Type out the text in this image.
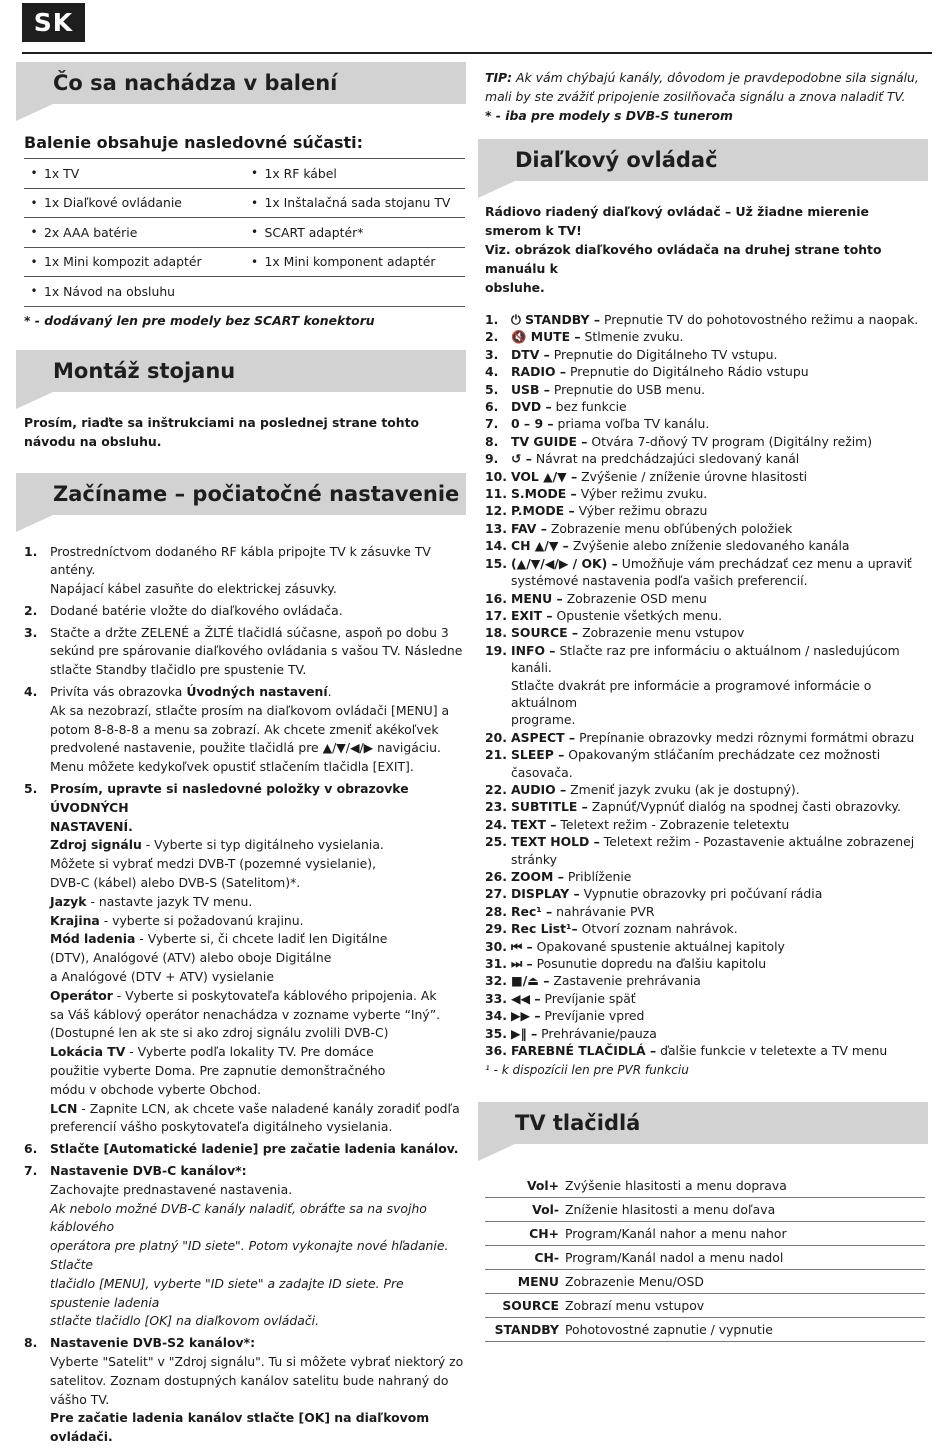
SK
Čo sa nachádza v balení
Balenie obsahuje nasledovné súčasti:
• 1x TV	• 1x RF kábel
• 1x Diaľkové ovládanie	• 1x Inštalačná sada stojanu TV
• 2x AAA batérie	• SCART adaptér*
• 1x Mini kompozit adaptér	• 1x Mini komponent adaptér
• 1x Návod na obsluhu
* - dodávaný len pre modely bez SCART konektoru
Montáž stojanu
Prosím, riaďte sa inštrukciami na poslednej strane tohto návodu na obsluhu.
Začíname – počiatočné nastavenie
1.	Prostredníctvom dodaného RF kábla pripojte TV k zásuvke TV antény.
Napájací kábel zasuňte do elektrickej zásuvky.
2.	Dodané batérie vložte do diaľkového ovládača.
3.	Stačte a držte ZELENÉ a ŽLTÉ tlačidlá súčasne, aspoň po dobu 3
sekúnd pre spárovanie diaľkového ovládania s vašou TV. Následne
stlačte Standby tlačidlo pre spustenie TV.
4.	Privíta vás obrazovka Úvodných nastavení.
Ak sa nezobrazí, stlačte prosím na diaľkovom ovládači [MENU] a
potom 8-8-8-8 a menu sa zobrazí. Ak chcete zmeniť akékoľvek
predvolené nastavenie, použite tlačidlá pre ▲/▼/◀/▶ navigáciu.
Menu môžete kedykoľvek opustiť stlačením tlačidla [EXIT].
5.	Prosím, upravte si nasledovné položky v obrazovke ÚVODNÝCH
NASTAVENÍ.
Zdroj signálu - Vyberte si typ digitálneho vysielania.
Môžete si vybrať medzi DVB-T (pozemné vysielanie),
DVB-C (kábel) alebo DVB-S (Satelitom)*.
Jazyk - nastavte jazyk TV menu.
Krajina - vyberte si požadovanú krajinu.
Mód ladenia - Vyberte si, či chcete ladiť len Digitálne
(DTV), Analógové (ATV) alebo oboje Digitálne
a Analógové (DTV + ATV) vysielanie
Operátor - Vyberte si poskytovateľa káblového pripojenia. Ak
sa Váš káblový operátor nenachádza v zozname vyberte “Iný”.
(Dostupné len ak ste si ako zdroj signálu zvolili DVB-C)
Lokácia TV - Vyberte podľa lokality TV. Pre domáce
použitie vyberte Doma. Pre zapnutie demonštračného
módu v obchode vyberte Obchod.
LCN - Zapnite LCN, ak chcete vaše naladené kanály zoradiť podľa
preferencií vášho poskytovateľa digitálneho vysielania.
6.	Stlačte [Automatické ladenie] pre začatie ladenia kanálov.
7.	Nastavenie DVB-C kanálov*:
Zachovajte prednastavené nastavenia.
Ak nebolo možné DVB-C kanály naladiť, obráťte sa na svojho káblového
operátora pre platný "ID siete". Potom vykonajte nové hľadanie. Stlačte
tlačidlo [MENU], vyberte "ID siete" a zadajte ID siete. Pre spustenie ladenia
stlačte tlačidlo [OK] na diaľkovom ovládači.
8.	Nastavenie DVB-S2 kanálov*:
Vyberte "Satelit" v "Zdroj signálu". Tu si môžete vybrať niektorý zo
satelitov. Zoznam dostupných kanálov satelitu bude nahraný do
vášho TV.
Pre začatie ladenia kanálov stlačte [OK] na diaľkovom ovládači.
TIP: Ak vám chýbajú kanály, dôvodom je pravdepodobne sila signálu,
mali by ste zvážiť pripojenie zosilňovača signálu a znova naladiť TV.
* - iba pre modely s DVB-S tunerom
Diaľkový ovládač
Rádiovo riadený diaľkový ovládač – Už žiadne mierenie smerom k TV!
Viz. obrázok diaľkového ovládača na druhej strane tohto manuálu k
obsluhe.
1.	⏻ STANDBY – Prepnutie TV do pohotovostného režimu a naopak.
2.	🔇 MUTE – Stlmenie zvuku.
3.	DTV – Prepnutie do Digitálneho TV vstupu.
4.	RADIO – Prepnutie do Digitálneho Rádio vstupu
5.	USB – Prepnutie do USB menu.
6.	DVD – bez funkcie
7.	0 – 9 – priama voľba TV kanálu.
8.	TV GUIDE – Otvára 7-dňový TV program (Digitálny režim)
9.	↺ – Návrat na predchádzajúci sledovaný kanál
10. VOL ▲/▼ – Zvýšenie / zníženie úrovne hlasitosti
11. S.MODE – Výber režimu zvuku.
12. P.MODE – Výber režimu obrazu
13. FAV – Zobrazenie menu obľúbených položiek
14. CH ▲/▼ – Zvýšenie alebo zníženie sledovaného kanála
15. (▲/▼/◀/▶ / OK) – Umožňuje vám prechádzať cez menu a upraviť
systémové nastavenia podľa vašich preferencií.
16. MENU – Zobrazenie OSD menu
17. EXIT – Opustenie všetkých menu.
18. SOURCE – Zobrazenie menu vstupov
19. INFO – Stlačte raz pre informáciu o aktuálnom / nasledujúcom kanáli.
Stlačte dvakrát pre informácie a programové informácie o aktuálnom
programe.
20. ASPECT – Prepínanie obrazovky medzi rôznymi formátmi obrazu
21. SLEEP – Opakovaným stláčaním prechádzate cez možnosti časovača.
22. AUDIO – Zmeniť jazyk zvuku (ak je dostupný).
23. SUBTITLE – Zapnúť/Vypnúť dialóg na spodnej časti obrazovky.
24. TEXT – Teletext režim - Zobrazenie teletextu
25. TEXT HOLD – Teletext režim - Pozastavenie aktuálne zobrazenej
stránky
26. ZOOM – Priblíženie
27. DISPLAY – Vypnutie obrazovky pri počúvaní rádia
28. Rec¹ – nahrávanie PVR
29. Rec List¹– Otvorí zoznam nahrávok.
30. ⏮ – Opakované spustenie aktuálnej kapitoly
31. ⏭ – Posunutie dopredu na ďalšiu kapitolu
32. ■/⏏ – Zastavenie prehrávania
33. ◀◀ – Prevíjanie späť
34. ▶▶ – Prevíjanie vpred
35. ▶‖ – Prehrávanie/pauza
36. FAREBNÉ TLAČIDLÁ – ďalšie funkcie v teletexte a TV menu
¹ - k dispozícii len pre PVR funkciu
TV tlačidlá
Vol+ Zvýšenie hlasitosti a menu doprava
Vol- Zníženie hlasitosti a menu doľava
CH+ Program/Kanál nahor a menu nahor
CH- Program/Kanál nadol a menu nadol
MENU Zobrazenie Menu/OSD
SOURCE Zobrazí menu vstupov
STANDBY Pohotovostné zapnutie / vypnutie
